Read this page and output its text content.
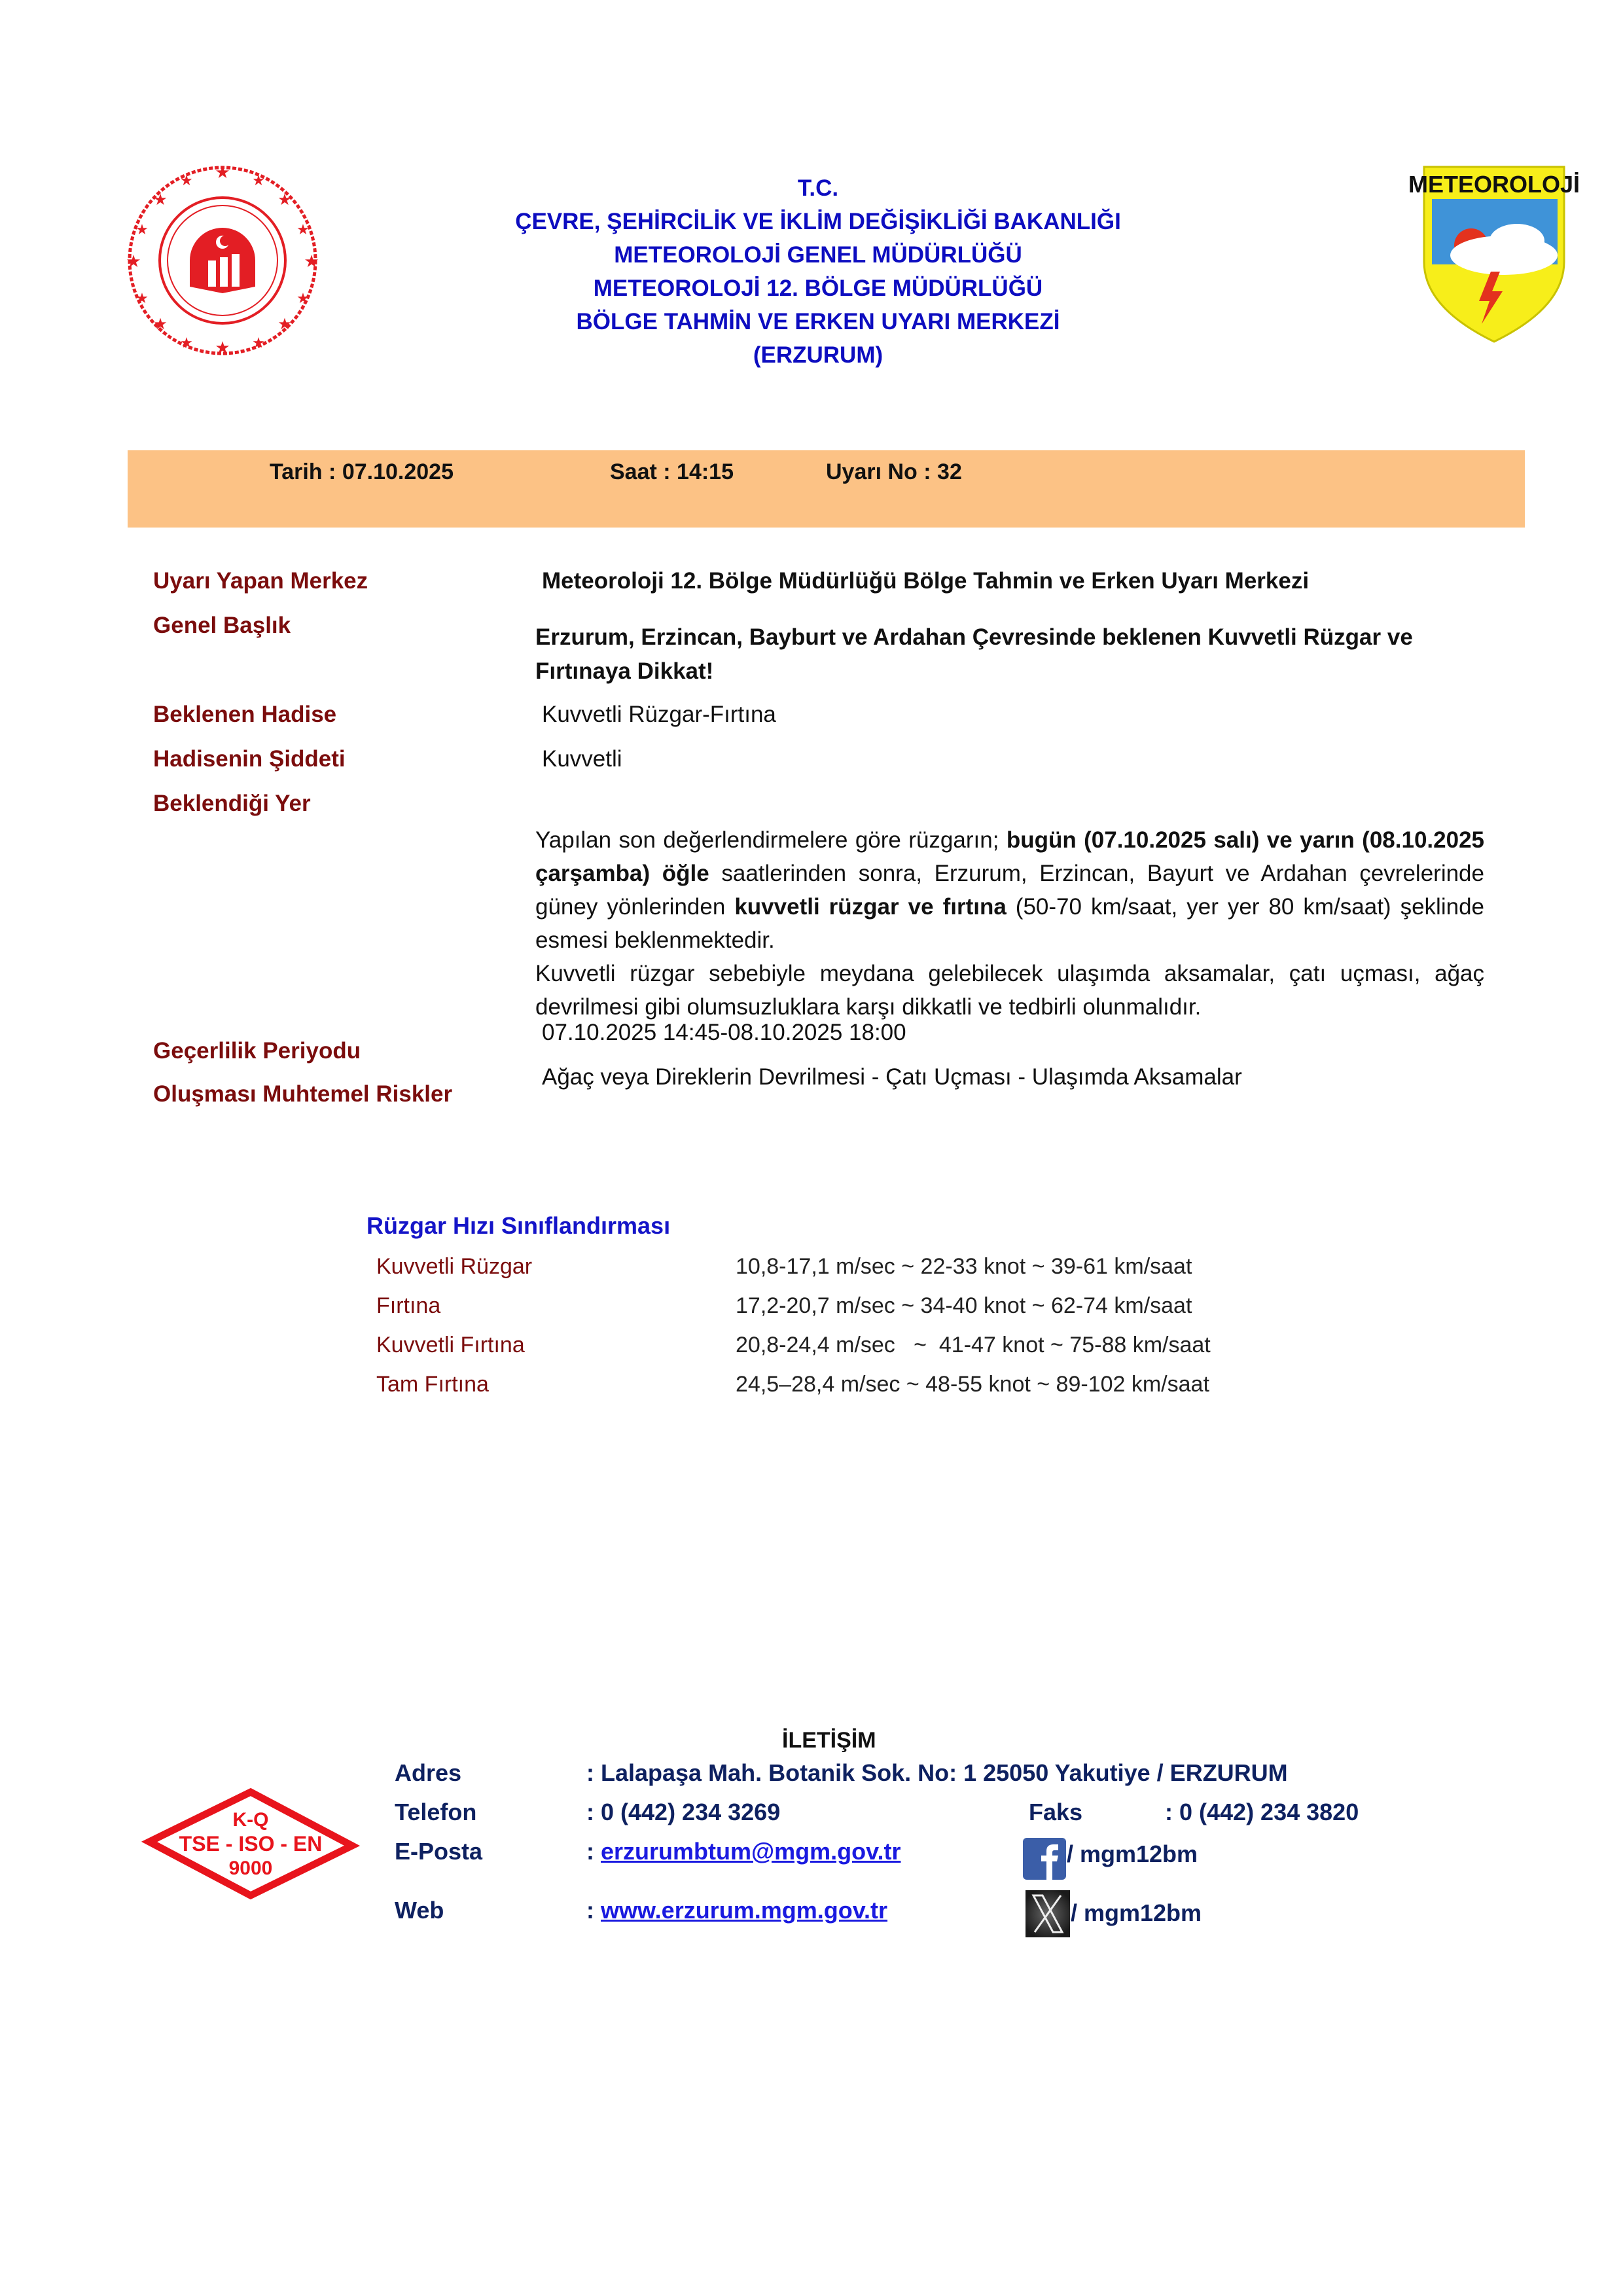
★
★
★	★
★	★
★	★
★	★
★	★
★	★
★	★
T.C.
ÇEVRE, ŞEHİRCİLİK VE İKLİM DEĞİŞİKLİĞİ BAKANLIĞI
METEOROLOJİ GENEL MÜDÜRLÜĞÜ
METEOROLOJİ 12. BÖLGE MÜDÜRLÜĞÜ
BÖLGE TAHMİN VE ERKEN UYARI MERKEZİ
(ERZURUM)
METEOROLOJİ
Tarih : 07.10.2025	Saat : 14:15	Uyarı No : 32
Uyarı Yapan Merkez	Meteoroloji 12. Bölge Müdürlüğü Bölge Tahmin ve Erken Uyarı Merkezi
Genel Başlık	Erzurum, Erzincan, Bayburt ve Ardahan Çevresinde beklenen Kuvvetli Rüzgar ve Fırtınaya Dikkat!
Beklenen Hadise	Kuvvetli Rüzgar-Fırtına
Hadisenin Şiddeti	Kuvvetli
Beklendiği Yer

Yapılan son değerlendirmelere göre rüzgarın; bugün (07.10.2025 salı) ve yarın (08.10.2025 çarşamba) öğle saatlerinden sonra, Erzurum, Erzincan, Bayurt ve Ardahan çevrelerinde güney yönlerinden kuvvetli rüzgar ve fırtına (50-70 km/saat, yer yer 80 km/saat) şeklinde esmesi beklenmektedir.

Kuvvetli rüzgar sebebiyle meydana gelebilecek ulaşımda aksamalar, çatı uçması, ağaç devrilmesi gibi olumsuzluklara karşı dikkatli ve tedbirli olunmalıdır.

Geçerlilik Periyodu
07.10.2025 14:45-08.10.2025 18:00
Oluşması Muhtemel Riskler
Ağaç veya Direklerin Devrilmesi - Çatı Uçması - Ulaşımda Aksamalar
Rüzgar Hızı Sınıflandırması
Kuvvetli Rüzgar	10,8-17,1 m/sec ~ 22-33 knot ~ 39-61 km/saat
Fırtına	17,2-20,7 m/sec ~ 34-40 knot ~ 62-74 km/saat
Kuvvetli Fırtına	20,8-24,4 m/sec   ~  41-47 knot ~ 75-88 km/saat
Tam Fırtına	24,5–28,4 m/sec ~ 48-55 knot ~ 89-102 km/saat
İLETİŞİM
K-Q
TSE - ISO - EN
9000
Adres	: Lalapaşa Mah. Botanik Sok. No: 1 25050 Yakutiye / ERZURUM
Telefon	: 0 (442) 234 3269	Faks	: 0 (442) 234 3820
E-Posta	: erzurumbtum@mgm.gov.tr
Web	: www.erzurum.mgm.gov.tr
/ mgm12bm
/ mgm12bm
